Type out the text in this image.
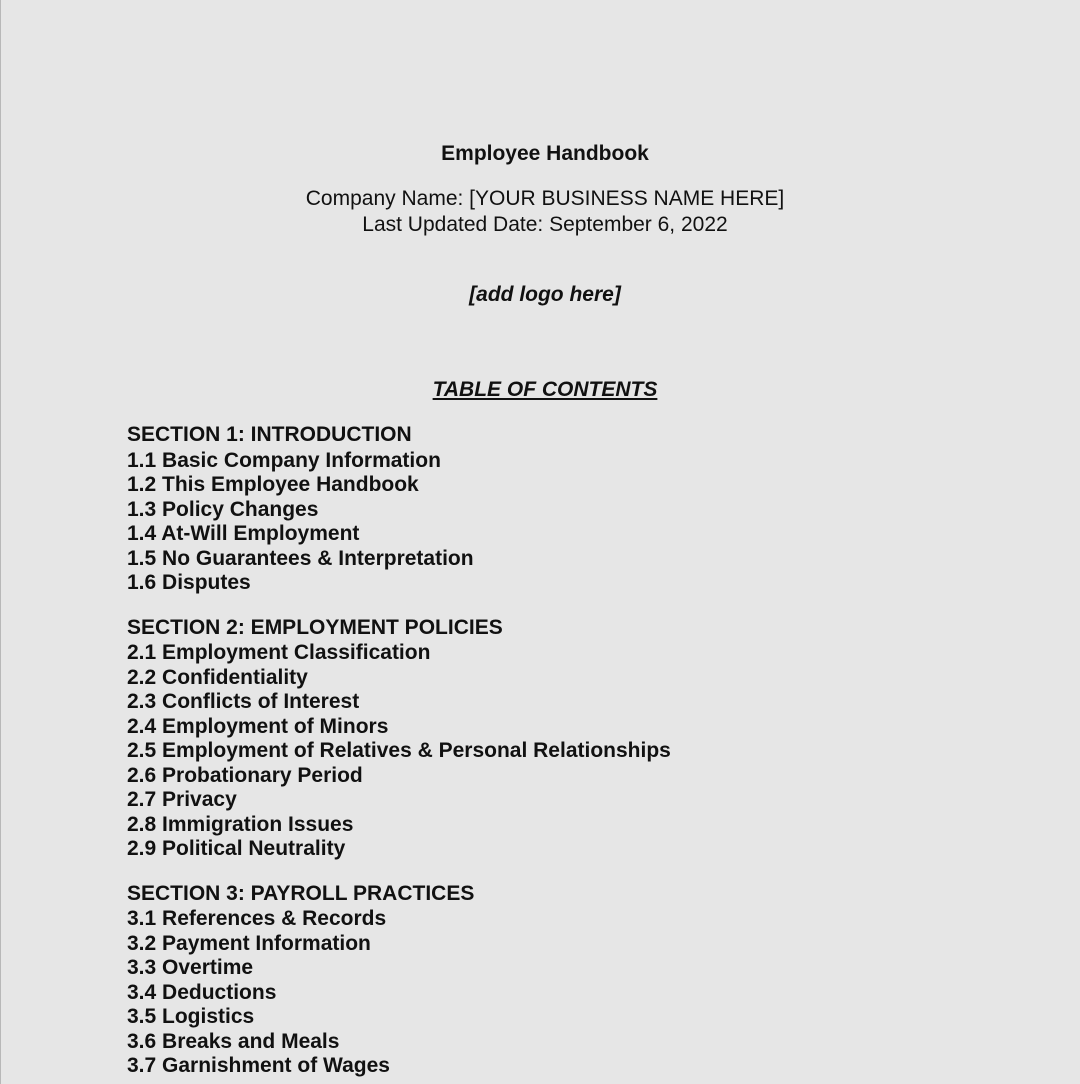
Employee Handbook
Company Name: [YOUR BUSINESS NAME HERE]
Last Updated Date: September 6, 2022
[add logo here]
TABLE OF CONTENTS
SECTION 1: INTRODUCTION
1.1 Basic Company Information
1.2 This Employee Handbook
1.3 Policy Changes
1.4 At-Will Employment
1.5 No Guarantees & Interpretation
1.6 Disputes
SECTION 2: EMPLOYMENT POLICIES
2.1 Employment Classification
2.2 Confidentiality
2.3 Conflicts of Interest
2.4 Employment of Minors
2.5 Employment of Relatives & Personal Relationships
2.6 Probationary Period
2.7 Privacy
2.8 Immigration Issues
2.9 Political Neutrality
SECTION 3: PAYROLL PRACTICES
3.1 References & Records
3.2 Payment Information
3.3 Overtime
3.4 Deductions
3.5 Logistics
3.6 Breaks and Meals
3.7 Garnishment of Wages
